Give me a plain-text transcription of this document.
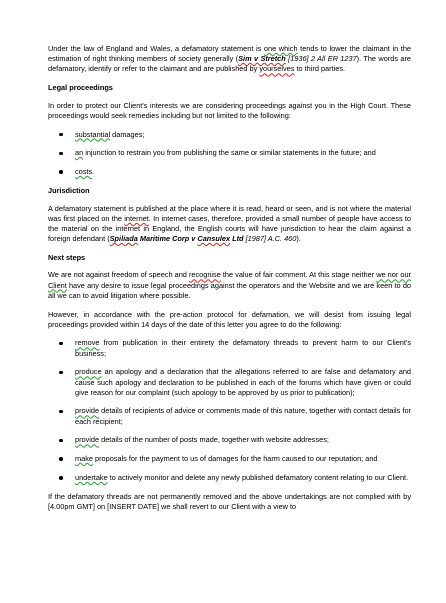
Under the law of England and Wales, a defamatory statement is one which tends to lower the claimant in the estimation of right thinking members of society generally (Sim v Stretch [1936] 2 All ER 1237). The words are defamatory, identify or refer to the claimant and are published by yourselves to third parties.

Legal proceedings

In order to protect our Client's interests we are considering proceedings against you in the High Court. These proceedings would seek remedies including but not limited to the following:

substantial damages;
an injunction to restrain you from publishing the same or similar statements in the future; and
costs.
Jurisdiction

A defamatory statement is published at the place where it is read, heard or seen, and is not where the material was first placed on the internet. In internet cases, therefore, provided a small number of people have access to the material on the internet in England, the English courts will have jurisdiction to hear the claim against a foreign defendant (Spiliada Maritime Corp v Cansulex Ltd [1987] A.C. 460).

Next steps

We are not against freedom of speech and recognise the value of fair comment. At this stage neither we nor our Client have any desire to issue legal proceedings against the operators and the Website and we are keen to do all we can to avoid litigation where possible.

However, in accordance with the pre-action protocol for defamation, we will desist from issuing legal proceedings provided within 14 days of the date of this letter you agree to do the following:

remove from publication in their entirety the defamatory threads to prevent harm to our Client's business;
produce an apology and a declaration that the allegations referred to are false and defamatory and cause such apology and declaration to be published in each of the forums which have given or could give reason for our complaint (such apology to be approved by us prior to publication);
provide details of recipients of advice or comments made of this nature, together with contact details for each recipient;
provide details of the number of posts made, together with website addresses;
make proposals for the payment to us of damages for the harm caused to our reputation; and
undertake to actively monitor and delete any newly published defamatory content relating to our Client.

If the defamatory threads are not permanently removed and the above undertakings are not complied with by [4.00pm GMT] on [INSERT DATE] we shall revert to our Client with a view to
